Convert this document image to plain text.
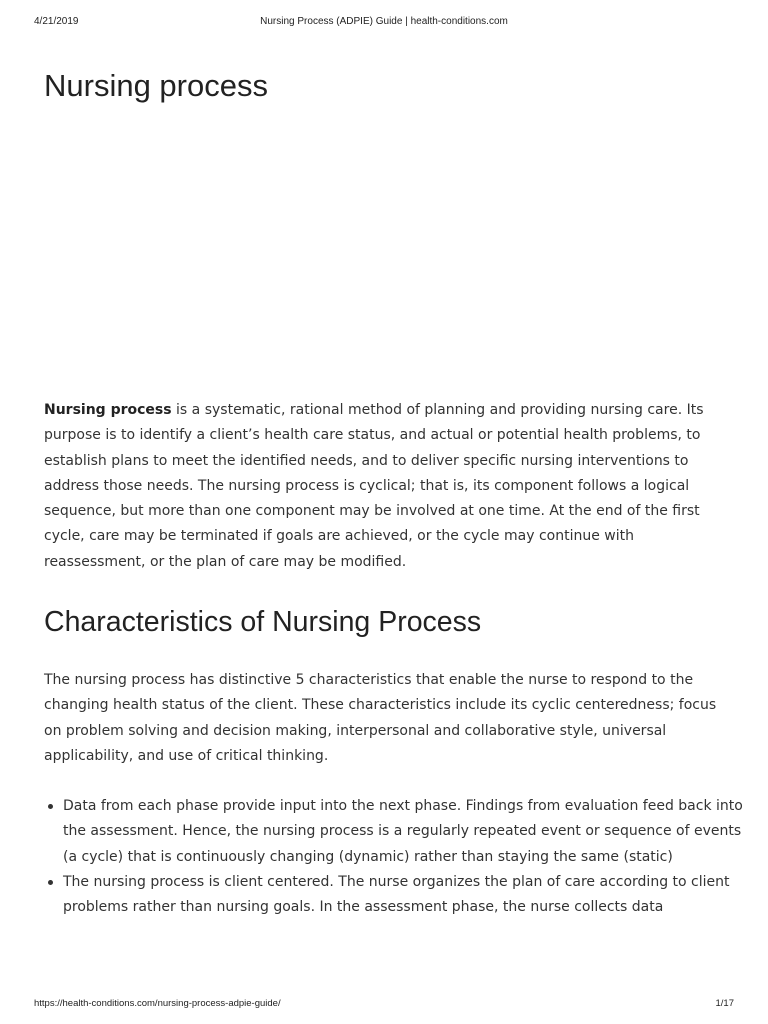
4/21/2019	Nursing Process (ADPIE) Guide | health-conditions.com
Nursing process

Nursing process is a systematic, rational method of planning and providing nursing care. Its purpose is to identify a client’s health care status, and actual or potential health problems, to establish plans to meet the identified needs, and to deliver specific nursing interventions to address those needs. The nursing process is cyclical; that is, its component follows a logical sequence, but more than one component may be involved at one time. At the end of the first cycle, care may be terminated if goals are achieved, or the cycle may continue with reassessment, or the plan of care may be modified.

Characteristics of Nursing Process

The nursing process has distinctive 5 characteristics that enable the nurse to respond to the changing health status of the client. These characteristics include its cyclic centeredness; focus on problem solving and decision making, interpersonal and collaborative style, universal applicability, and use of critical thinking.

Data from each phase provide input into the next phase. Findings from evaluation feed back into the assessment. Hence, the nursing process is a regularly repeated event or sequence of events (a cycle) that is continuously changing (dynamic) rather than staying the same (static)
The nursing process is client centered. The nurse organizes the plan of care according to client problems rather than nursing goals. In the assessment phase, the nurse collects data
https://health-conditions.com/nursing-process-adpie-guide/	1/17
